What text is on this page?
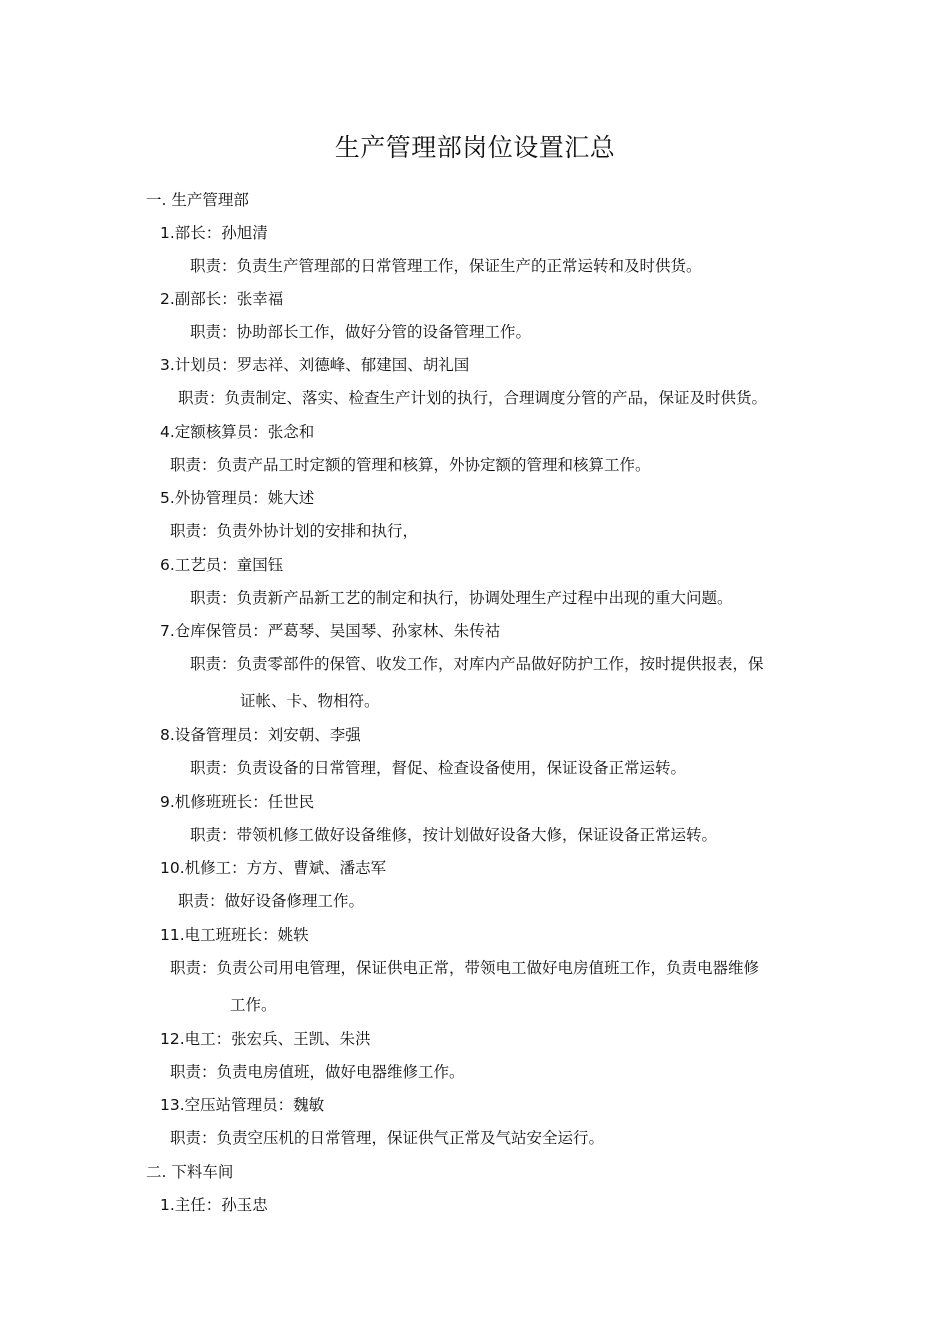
生产管理部岗位设置汇总
一. 生产管理部
1.部长：孙旭清
职责：负责生产管理部的日常管理工作，保证生产的正常运转和及时供货。
2.副部长：张幸福
职责：协助部长工作，做好分管的设备管理工作。
3.计划员：罗志祥、刘德峰、郁建国、胡礼国
职责：负责制定、落实、检查生产计划的执行，合理调度分管的产品，保证及时供货。
4.定额核算员：张念和
职责：负责产品工时定额的管理和核算，外协定额的管理和核算工作。
5.外协管理员：姚大述
职责：负责外协计划的安排和执行，
6.工艺员：童国钰
职责：负责新产品新工艺的制定和执行，协调处理生产过程中出现的重大问题。
7.仓库保管员：严葛琴、吴国琴、孙家林、朱传祜
职责：负责零部件的保管、收发工作，对库内产品做好防护工作，按时提供报表，保
证帐、卡、物相符。
8.设备管理员：刘安朝、李强
职责：负责设备的日常管理，督促、检查设备使用，保证设备正常运转。
9.机修班班长：任世民
职责：带领机修工做好设备维修，按计划做好设备大修，保证设备正常运转。
10.机修工：方方、曹斌、潘志军
职责：做好设备修理工作。
11.电工班班长：姚轶
职责：负责公司用电管理，保证供电正常，带领电工做好电房值班工作，负责电器维修
工作。
12.电工：张宏兵、王凯、朱洪
职责：负责电房值班，做好电器维修工作。
13.空压站管理员：魏敏
职责：负责空压机的日常管理，保证供气正常及气站安全运行。
二. 下料车间
1.主任：孙玉忠
